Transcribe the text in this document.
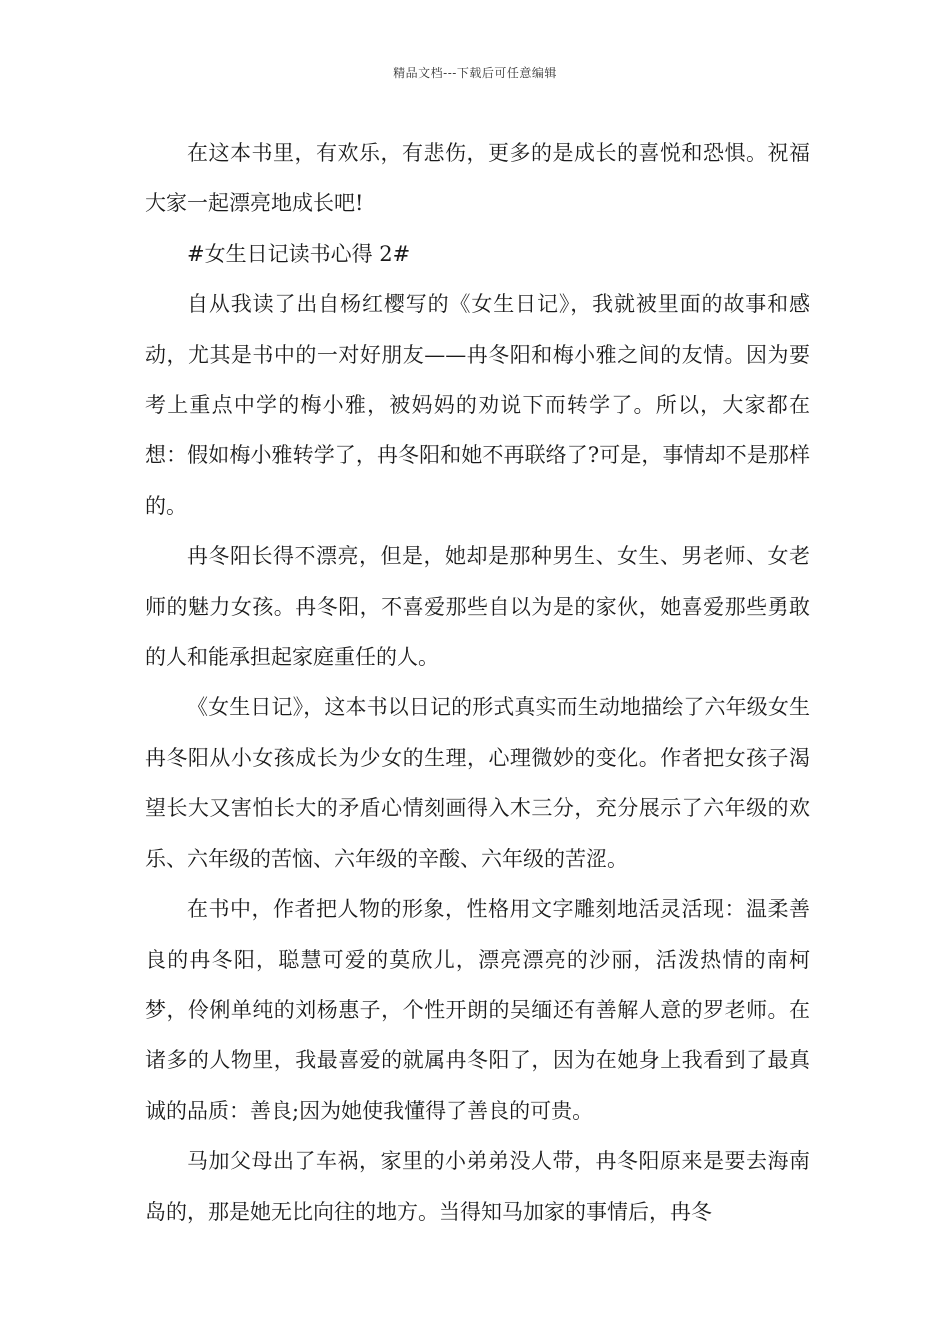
精品文档---下载后可任意编辑

在这本书里，有欢乐，有悲伤，更多的是成长的喜悦和恐惧。祝福大家一起漂亮地成长吧!

#女生日记读书心得 2#

自从我读了出自杨红樱写的《女生日记》，我就被里面的故事和感动，尤其是书中的一对好朋友——冉冬阳和梅小雅之间的友情。因为要考上重点中学的梅小雅，被妈妈的劝说下而转学了。所以，大家都在想：假如梅小雅转学了，冉冬阳和她不再联络了?可是，事情却不是那样的。

冉冬阳长得不漂亮，但是，她却是那种男生、女生、男老师、女老师的魅力女孩。冉冬阳，不喜爱那些自以为是的家伙，她喜爱那些勇敢的人和能承担起家庭重任的人。

《女生日记》，这本书以日记的形式真实而生动地描绘了六年级女生冉冬阳从小女孩成长为少女的生理，心理微妙的变化。作者把女孩子渴望长大又害怕长大的矛盾心情刻画得入木三分，充分展示了六年级的欢乐、六年级的苦恼、六年级的辛酸、六年级的苦涩。

在书中，作者把人物的形象，性格用文字雕刻地活灵活现：温柔善良的冉冬阳，聪慧可爱的莫欣儿，漂亮漂亮的沙丽，活泼热情的南柯梦，伶俐单纯的刘杨惠子，个性开朗的吴缅还有善解人意的罗老师。在诸多的人物里，我最喜爱的就属冉冬阳了，因为在她身上我看到了最真诚的品质：善良;因为她使我懂得了善良的可贵。

马加父母出了车祸，家里的小弟弟没人带，冉冬阳原来是要去海南岛的，那是她无比向往的地方。当得知马加家的事情后，冉冬
